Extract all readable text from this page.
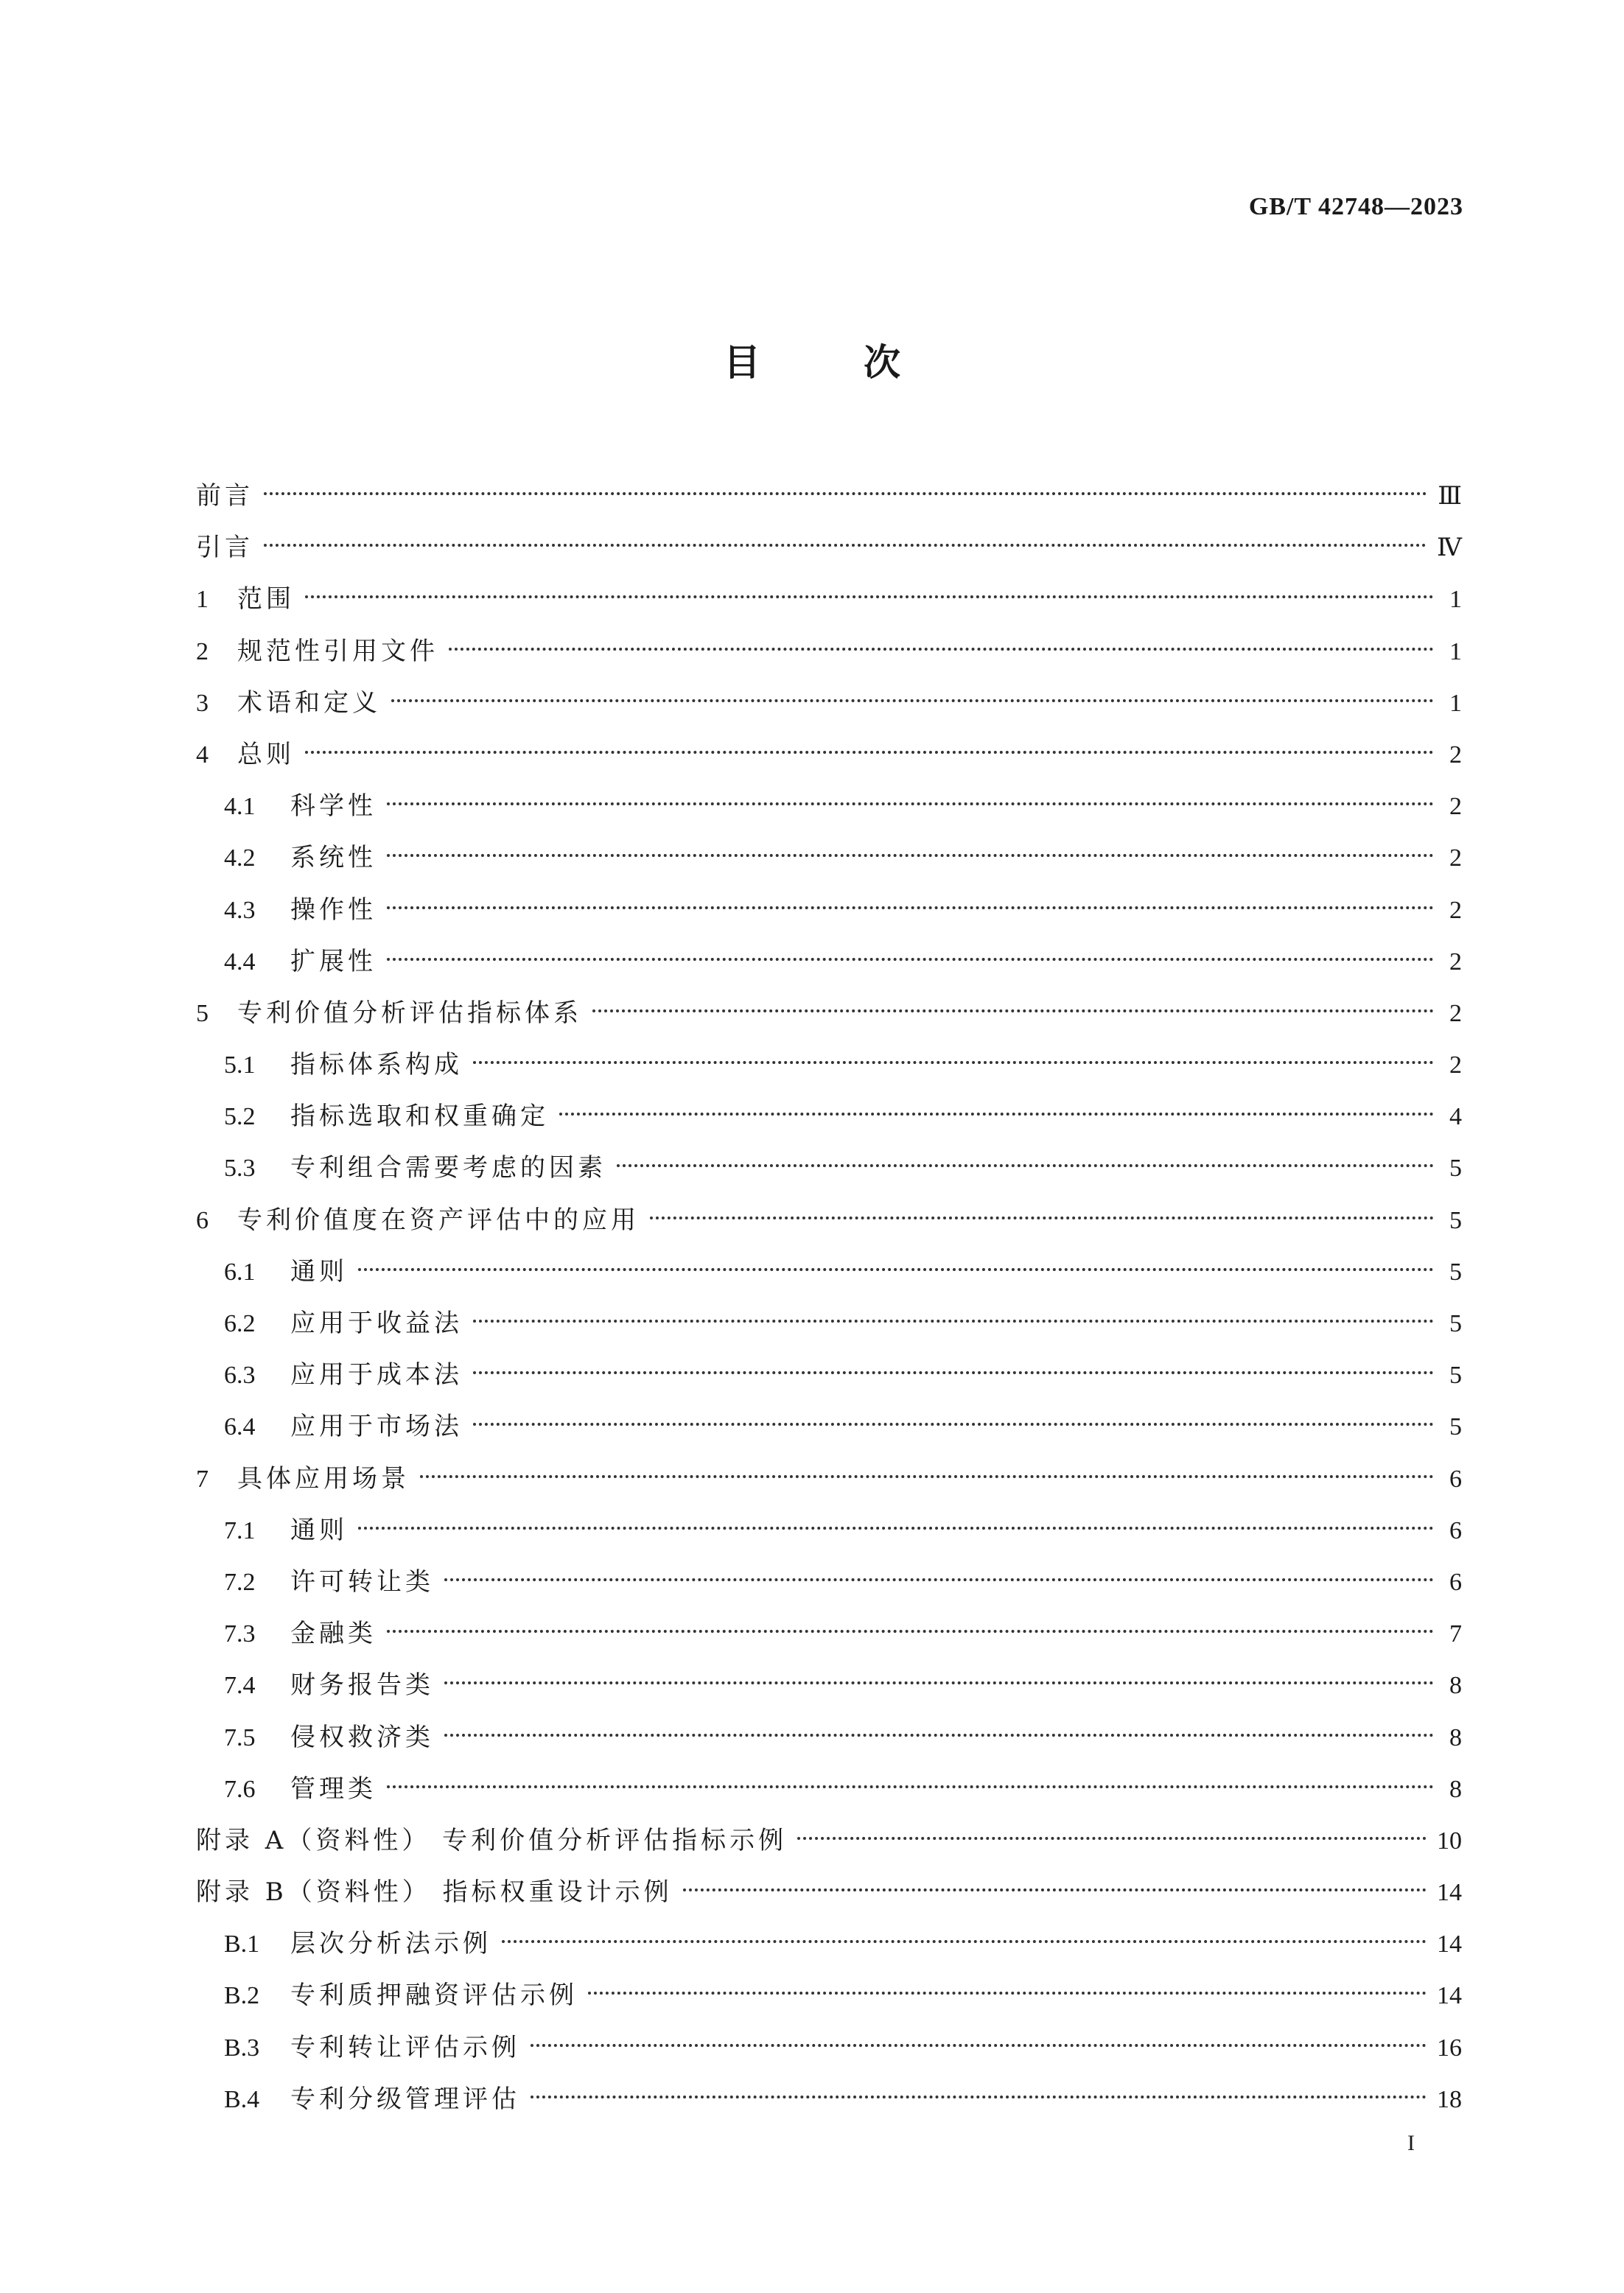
GB/T 42748—2023
目次
前言	Ⅲ
引言	Ⅳ
1	范围	1
2	规范性引用文件	1
3	术语和定义	1
4	总则	2
4.1	科学性	2
4.2	系统性	2
4.3	操作性	2
4.4	扩展性	2
5	专利价值分析评估指标体系	2
5.1	指标体系构成	2
5.2	指标选取和权重确定	4
5.3	专利组合需要考虑的因素	5
6	专利价值度在资产评估中的应用	5
6.1	通则	5
6.2	应用于收益法	5
6.3	应用于成本法	5
6.4	应用于市场法	5
7	具体应用场景	6
7.1	通则	6
7.2	许可转让类	6
7.3	金融类	7
7.4	财务报告类	8
7.5	侵权救济类	8
7.6	管理类	8
附录 A（资料性） 专利价值分析评估指标示例	10
附录 B（资料性） 指标权重设计示例	14
B.1	层次分析法示例	14
B.2	专利质押融资评估示例	14
B.3	专利转让评估示例	16
B.4	专利分级管理评估	18
I
